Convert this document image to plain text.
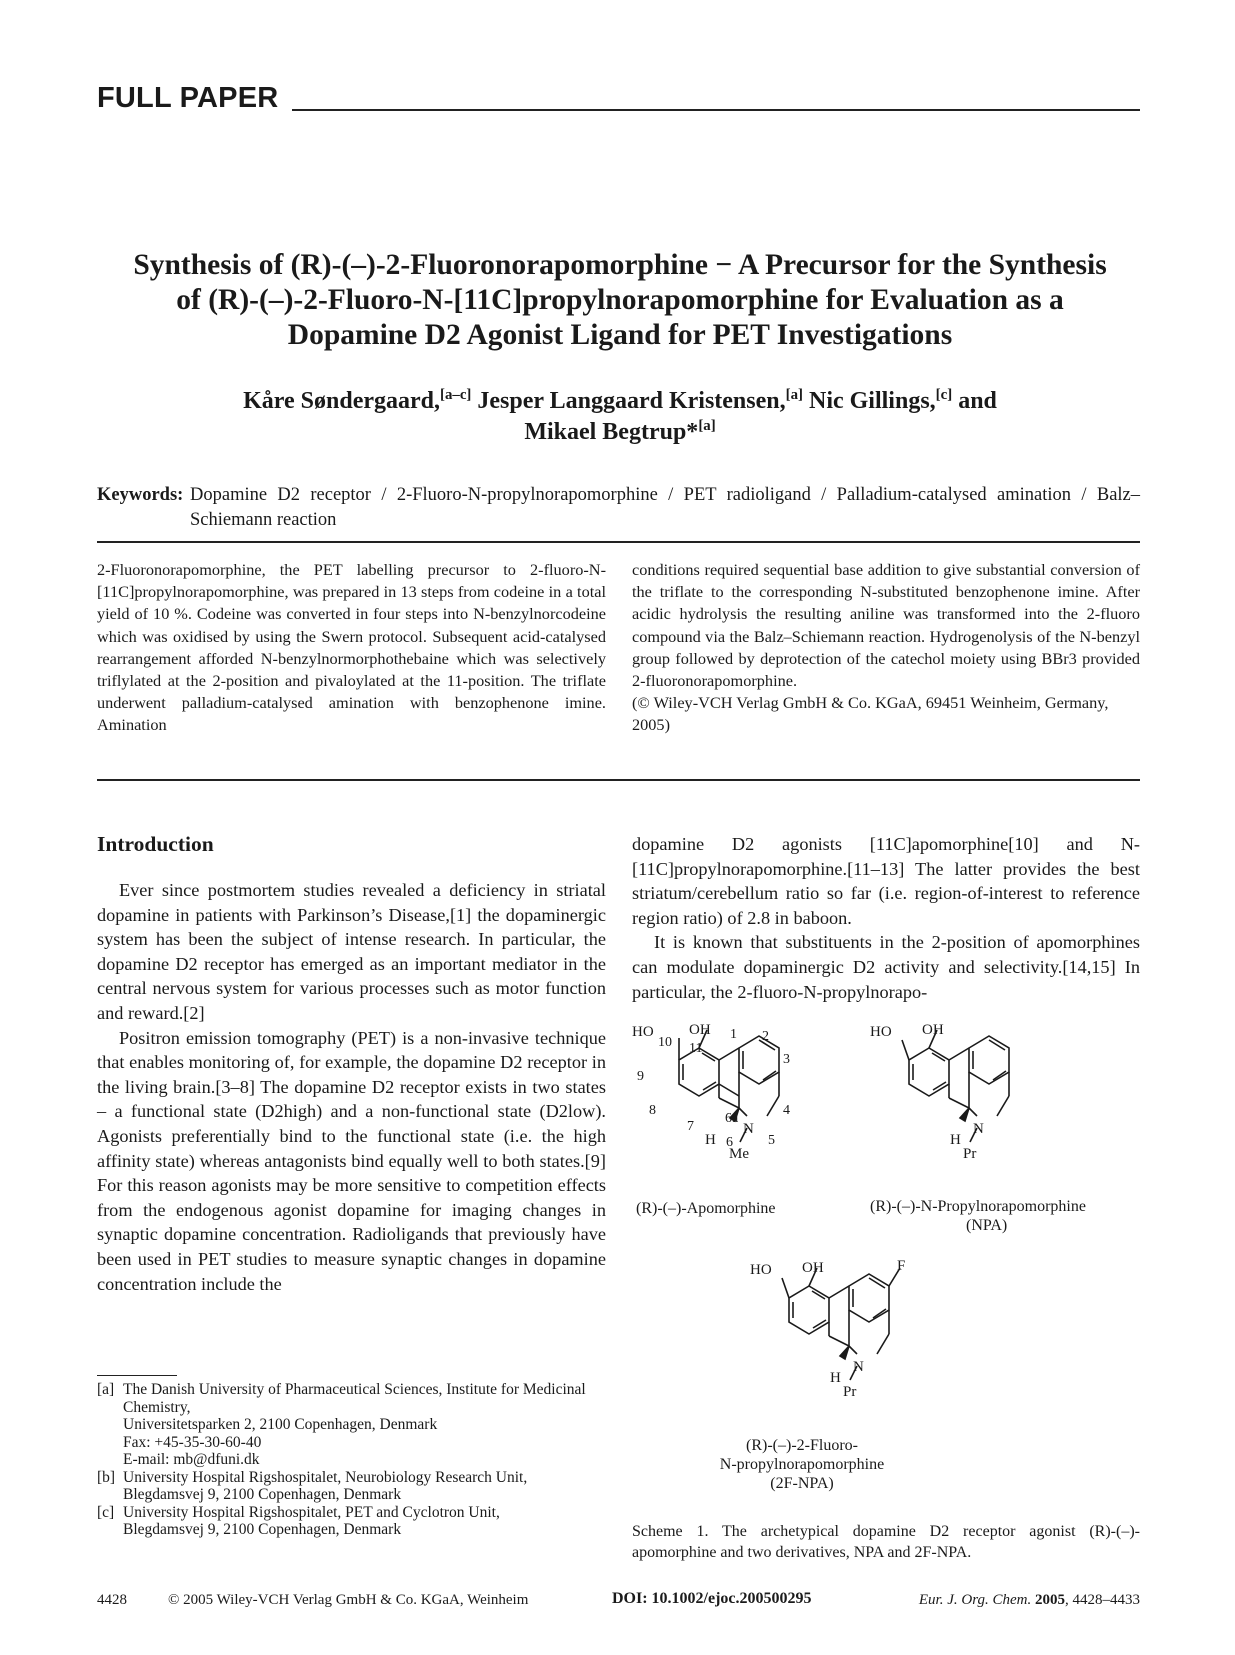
FULL PAPER
Synthesis of (R)-(–)-2-Fluoronorapomorphine − A Precursor for the Synthesis
of (R)-(–)-2-Fluoro-N-[11C]propylnorapomorphine for Evaluation as a
Dopamine D2 Agonist Ligand for PET Investigations
Kåre Søndergaard,[a–c] Jesper Langgaard Kristensen,[a] Nic Gillings,[c] and
Mikael Begtrup*[a]
Keywords: Dopamine D2 receptor / 2-Fluoro-N-propylnorapomorphine / PET radioligand / Palladium-catalysed amination / Balz–Schiemann reaction
2-Fluoronorapomorphine, the PET labelling precursor to 2-fluoro-N-[11C]propylnorapomorphine, was prepared in 13 steps from codeine in a total yield of 10 %. Codeine was converted in four steps into N-benzylnorcodeine which was oxidised by using the Swern protocol. Subsequent acid-catalysed rearrangement afforded N-benzylnormorphothebaine which was selectively triflylated at the 2-position and pivaloylated at the 11-position. The triflate underwent palladium-catalysed amination with benzophenone imine. Amination
conditions required sequential base addition to give substantial conversion of the triflate to the corresponding N-substituted benzophenone imine. After acidic hydrolysis the resulting aniline was transformed into the 2-fluoro compound via the Balz–Schiemann reaction. Hydrogenolysis of the N-benzyl group followed by deprotection of the catechol moiety using BBr3 provided 2-fluoronorapomorphine.
(© Wiley-VCH Verlag GmbH & Co. KGaA, 69451 Weinheim, Germany, 2005)
Introduction

Ever since postmortem studies revealed a deficiency in striatal dopamine in patients with Parkinson’s Disease,[1] the dopaminergic system has been the subject of intense research. In particular, the dopamine D2 receptor has emerged as an important mediator in the central nervous system for various processes such as motor function and reward.[2]

Positron emission tomography (PET) is a non-invasive technique that enables monitoring of, for example, the dopamine D2 receptor in the living brain.[3–8] The dopamine D2 receptor exists in two states – a functional state (D2high) and a non-functional state (D2low). Agonists preferentially bind to the functional state (i.e. the high affinity state) whereas antagonists bind equally well to both states.[9] For this reason agonists may be more sensitive to competition effects from the endogenous agonist dopamine for imaging changes in synaptic dopamine concentration. Radioligands that previously have been used in PET studies to measure synaptic changes in dopamine concentration include the

dopamine D2 agonists [11C]apomorphine[10] and N-[11C]propylnorapomorphine.[11–13] The latter provides the best striatum/cerebellum ratio so far (i.e. region-of-interest to reference region ratio) of 2.8 in baboon.

It is known that substituents in the 2-position of apomorphines can modulate dopaminergic D2 activity and selectivity.[14,15] In particular, the 2-fluoro-N-propylnorapo-

[a] The Danish University of Pharmaceutical Sciences, Institute for Medicinal Chemistry,
Universitetsparken 2, 2100 Copenhagen, Denmark
Fax: +45-35-30-60-40
E-mail: mb@dfuni.dk
[b] University Hospital Rigshospitalet, Neurobiology Research Unit,
Blegdamsvej 9, 2100 Copenhagen, Denmark
[c] University Hospital Rigshospitalet, PET and Cyclotron Unit,
Blegdamsvej 9, 2100 Copenhagen, Denmark
HO OH
10 11
1 2
3
9
8
7
6a
4
5
6
H
N
Me
(R)-(–)-Apomorphine
HO OH
H
N
Pr
(R)-(–)-N-Propylnorapomorphine
(NPA)
HO OH	F
H
N
Pr
(R)-(–)-2-Fluoro-
N-propylnorapomorphine
(2F-NPA)
Scheme 1. The archetypical dopamine D2 receptor agonist (R)-(–)-apomorphine and two derivatives, NPA and 2F-NPA.
4428	© 2005 Wiley-VCH Verlag GmbH & Co. KGaA, Weinheim	DOI: 10.1002/ejoc.200500295	Eur. J. Org. Chem. 2005, 4428–4433
